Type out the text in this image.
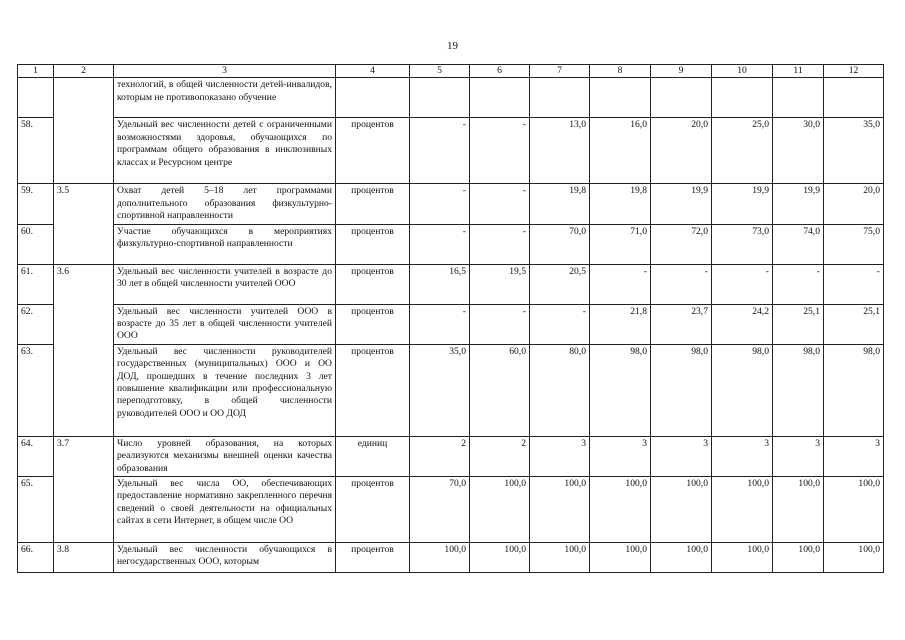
19
1	2	3	4	5	6	7	8	9	10	11	12
		технологий, в общей численности детей-инвалидов, которым не противопоказано обучение									
58.		Удельный вес численности детей с ограниченными возможностями здоровья, обучающихся по программам общего образования в инклюзивных классах и Ресурсном центре	процентов	-	-	13,0	16,0	20,0	25,0	30,0	35,0
59.	3.5	Охват детей 5–18 лет программами дополнительного образования физкультурно-спортивной направленности	процентов	-	-	19,8	19,8	19,9	19,9	19,9	20,0
60.		Участие обучающихся в мероприятиях физкультурно-спортивной направленности	процентов	-	-	70,0	71,0	72,0	73,0	74,0	75,0
61.	3.6	Удельный вес численности учителей в возрасте до 30 лет в общей численности учителей ООО	процентов	16,5	19,5	20,5	-	-	-	-	-
62.		Удельный вес численности учителей ООО в возрасте до 35 лет в общей численности учителей ООО	процентов	-	-	-	21,8	23,7	24,2	25,1	25,1
63.		Удельный вес численности руководителей государственных (муниципальных) ООО и ОО ДОД, прошедших в течение последних 3 лет повышение квалификации или профессиональную переподготовку, в общей численности руководителей ООО и ОО ДОД	процентов	35,0	60,0	80,0	98,0	98,0	98,0	98,0	98,0
64.	3.7	Число уровней образования, на которых реализуются механизмы внешней оценки качества образования	единиц	2	2	3	3	3	3	3	3
65.		Удельный вес числа ОО, обеспечивающих предоставление нормативно закрепленного перечня сведений о своей деятельности на официальных сайтах в сети Интернет, в общем числе ОО	процентов	70,0	100,0	100,0	100,0	100,0	100,0	100,0	100,0
66.	3.8	Удельный вес численности обучающихся в негосударственных ООО, которым	процентов	100,0	100,0	100,0	100,0	100,0	100,0	100,0	100,0
